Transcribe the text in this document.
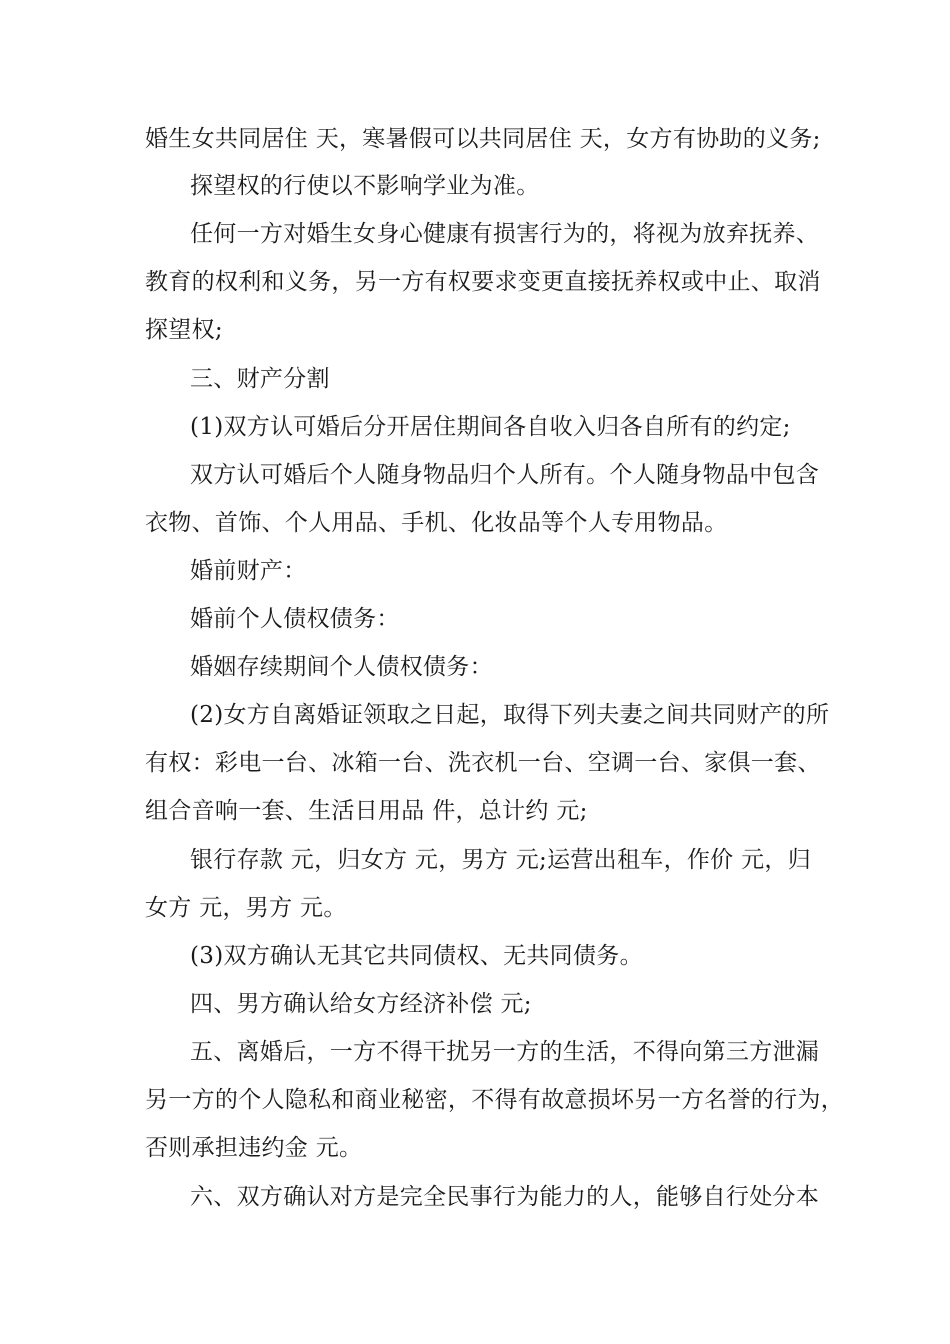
婚生女共同居住 天，寒暑假可以共同居住 天，女方有协助的义务;
探望权的行使以不影响学业为准。
任何一方对婚生女身心健康有损害行为的，将视为放弃抚养、
教育的权利和义务，另一方有权要求变更直接抚养权或中止、取消
探望权;
三、财产分割
(1)双方认可婚后分开居住期间各自收入归各自所有的约定;
双方认可婚后个人随身物品归个人所有。个人随身物品中包含
衣物、首饰、个人用品、手机、化妆品等个人专用物品。
婚前财产：
婚前个人债权债务：
婚姻存续期间个人债权债务：
(2)女方自离婚证领取之日起，取得下列夫妻之间共同财产的所
有权：彩电一台、冰箱一台、洗衣机一台、空调一台、家俱一套、
组合音响一套、生活日用品 件，总计约 元;
银行存款 元，归女方 元，男方 元;运营出租车，作价 元，归
女方 元，男方 元。
(3)双方确认无其它共同债权、无共同债务。
四、男方确认给女方经济补偿 元;
五、离婚后，一方不得干扰另一方的生活，不得向第三方泄漏
另一方的个人隐私和商业秘密，不得有故意损坏另一方名誉的行为，
否则承担违约金 元。
六、双方确认对方是完全民事行为能力的人，能够自行处分本
